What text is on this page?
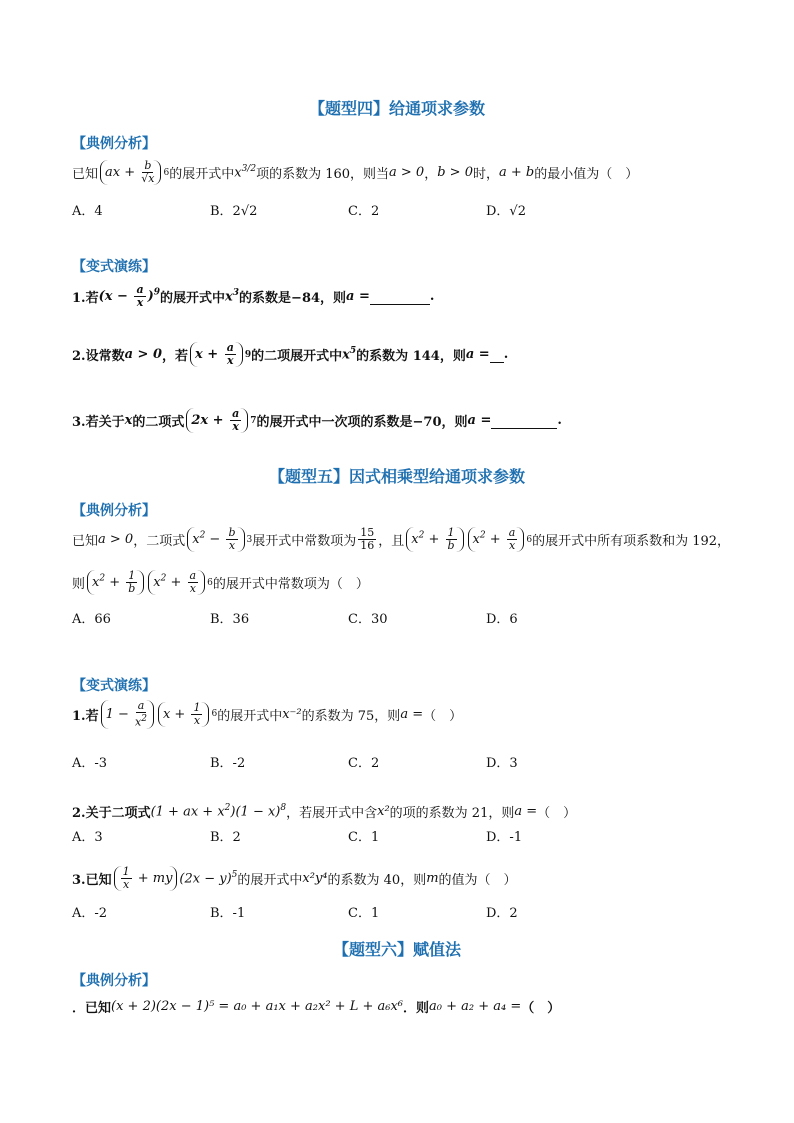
【题型四】给通项求参数
【典例分析】
已知 ax + $\frac{b}{√x} 6$ 的展开式中 $x^{3/2}$ 项的系数为 160，则当 a > 0 ， b > 0 时， a + b 的最小值为（　）
A．4	B．2√2	C．2	D．√2
【变式演练】
1.若 $(x - \frac{a}{x} )^9$ 的展开式中 $x^3$ 的系数是−84，则 a =
	.
2.设常数 a > 0 ，若 $x + \frac{a}{x} 9$ 的二项展开式中 $x^5$ 的系数为 144，则 a =
.
3.若关于 x 的二项式 $2x + \frac{a}{x} 7$ 的展开式中一次项的系数是−70，则 a =
	.
【题型五】因式相乘型给通项求参数
【典例分析】
已知 a > 0 ，二项式 $x^2 - \frac{b}{x} 3$ 展开式中常数项为 $\frac{15}{16}$ ，且 $x^2 + \frac{1}{b}$	$x^2 + \frac{a}{x} 6$ 的展开式中所有项系数和为 192，
则 $x^2 + \frac{1}{b}$	$x^2 + \frac{a}{x} 6$ 的展开式中常数项为（　）
A．66	B．36	C．30	D．6
【变式演练】
1.若 $1 - \frac{a}{x^2}$	$x + \frac{1}{x} 6$ 的展开式中 x⁻² 的系数为 75，则 a = （　）
A．-3	B．-2	C．2	D．3
2.关于二项式 (1 + ax + $x^2)(1 - x)^8$ ，若展开式中含 x² 的项的系数为 21，则 a = （　）
A．3	B．2	C．1	D．-1
3.已知 $\frac{1}{x}$ + my $(2x - y)^5$ 的展开式中 x²y⁴ 的系数为 40，则 m 的值为（　）
A．-2	B．-1	C．1	D．2
【题型六】赋值法
【典例分析】
．已知 (x + 2)(2x − 1)⁵ = a₀ + a₁x + a₂x² + L + a₆x⁶ ．则 a₀ + a₂ + a₄ = （　）
